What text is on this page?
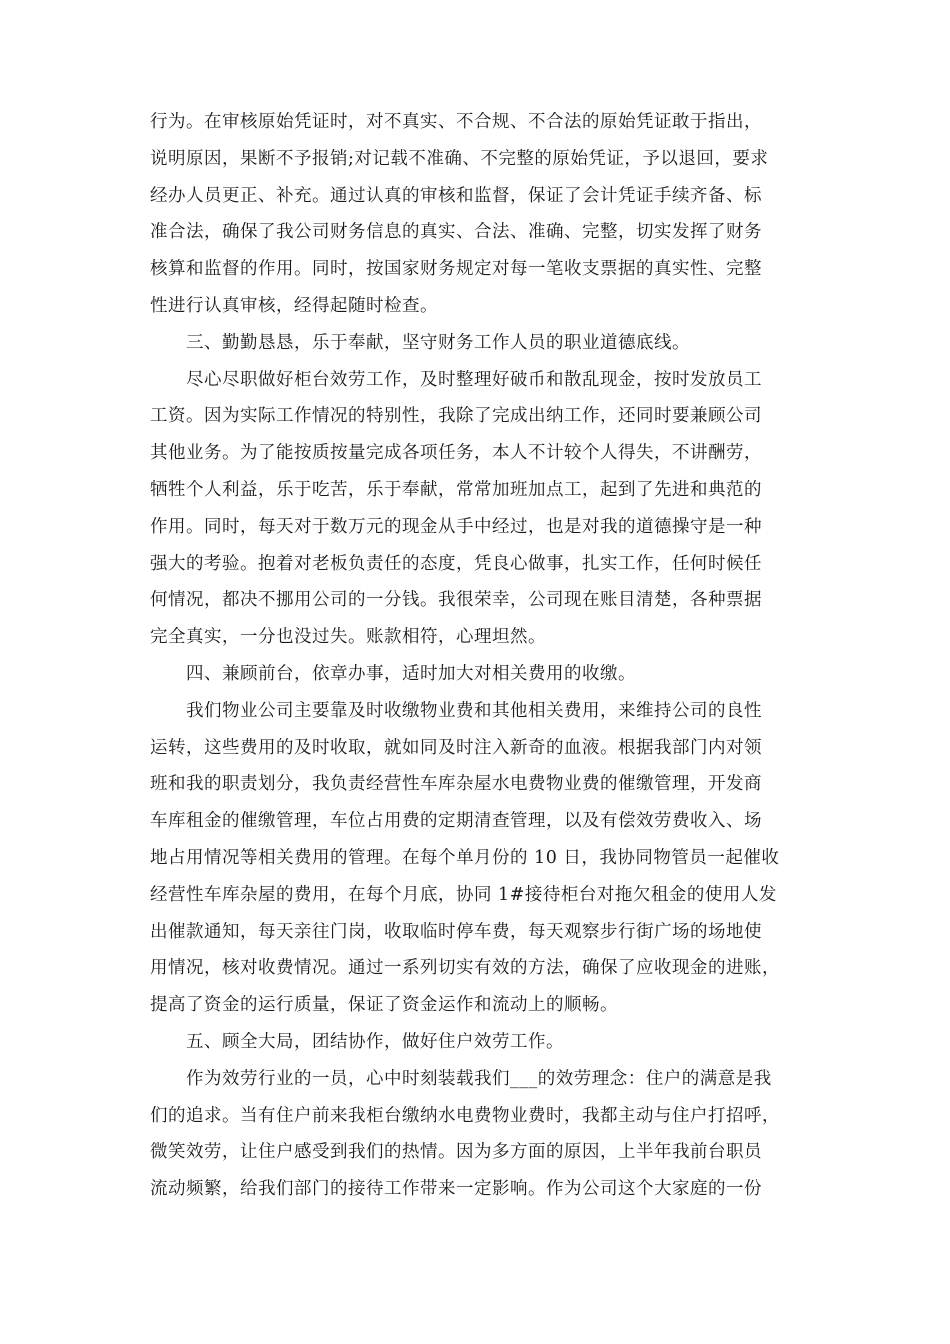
行为。在审核原始凭证时，对不真实、不合规、不合法的原始凭证敢于指出，
说明原因，果断不予报销;对记载不准确、不完整的原始凭证，予以退回，要求
经办人员更正、补充。通过认真的审核和监督，保证了会计凭证手续齐备、标
准合法，确保了我公司财务信息的真实、合法、准确、完整，切实发挥了财务
核算和监督的作用。同时，按国家财务规定对每一笔收支票据的真实性、完整
性进行认真审核，经得起随时检查。
三、勤勤恳恳，乐于奉献，坚守财务工作人员的职业道德底线。
尽心尽职做好柜台效劳工作，及时整理好破币和散乱现金，按时发放员工
工资。因为实际工作情况的特别性，我除了完成出纳工作，还同时要兼顾公司
其他业务。为了能按质按量完成各项任务，本人不计较个人得失，不讲酬劳，
牺牲个人利益，乐于吃苦，乐于奉献，常常加班加点工，起到了先进和典范的
作用。同时，每天对于数万元的现金从手中经过，也是对我的道德操守是一种
强大的考验。抱着对老板负责任的态度，凭良心做事，扎实工作，任何时候任
何情况，都决不挪用公司的一分钱。我很荣幸，公司现在账目清楚，各种票据
完全真实，一分也没过失。账款相符，心理坦然。
四、兼顾前台，依章办事，适时加大对相关费用的收缴。
我们物业公司主要靠及时收缴物业费和其他相关费用，来维持公司的良性
运转，这些费用的及时收取，就如同及时注入新奇的血液。根据我部门内对领
班和我的职责划分，我负责经营性车库杂屋水电费物业费的催缴管理，开发商
车库租金的催缴管理，车位占用费的定期清查管理，以及有偿效劳费收入、场
地占用情况等相关费用的管理。在每个单月份的 10 日，我协同物管员一起催收
经营性车库杂屋的费用，在每个月底，协同 1#接待柜台对拖欠租金的使用人发
出催款通知，每天亲往门岗，收取临时停车费，每天观察步行街广场的场地使
用情况，核对收费情况。通过一系列切实有效的方法，确保了应收现金的进账，
提高了资金的运行质量，保证了资金运作和流动上的顺畅。
五、顾全大局，团结协作，做好住户效劳工作。
作为效劳行业的一员，心中时刻装载我们___的效劳理念：住户的满意是我
们的追求。当有住户前来我柜台缴纳水电费物业费时，我都主动与住户打招呼，
微笑效劳，让住户感受到我们的热情。因为多方面的原因，上半年我前台职员
流动频繁，给我们部门的接待工作带来一定影响。作为公司这个大家庭的一份
